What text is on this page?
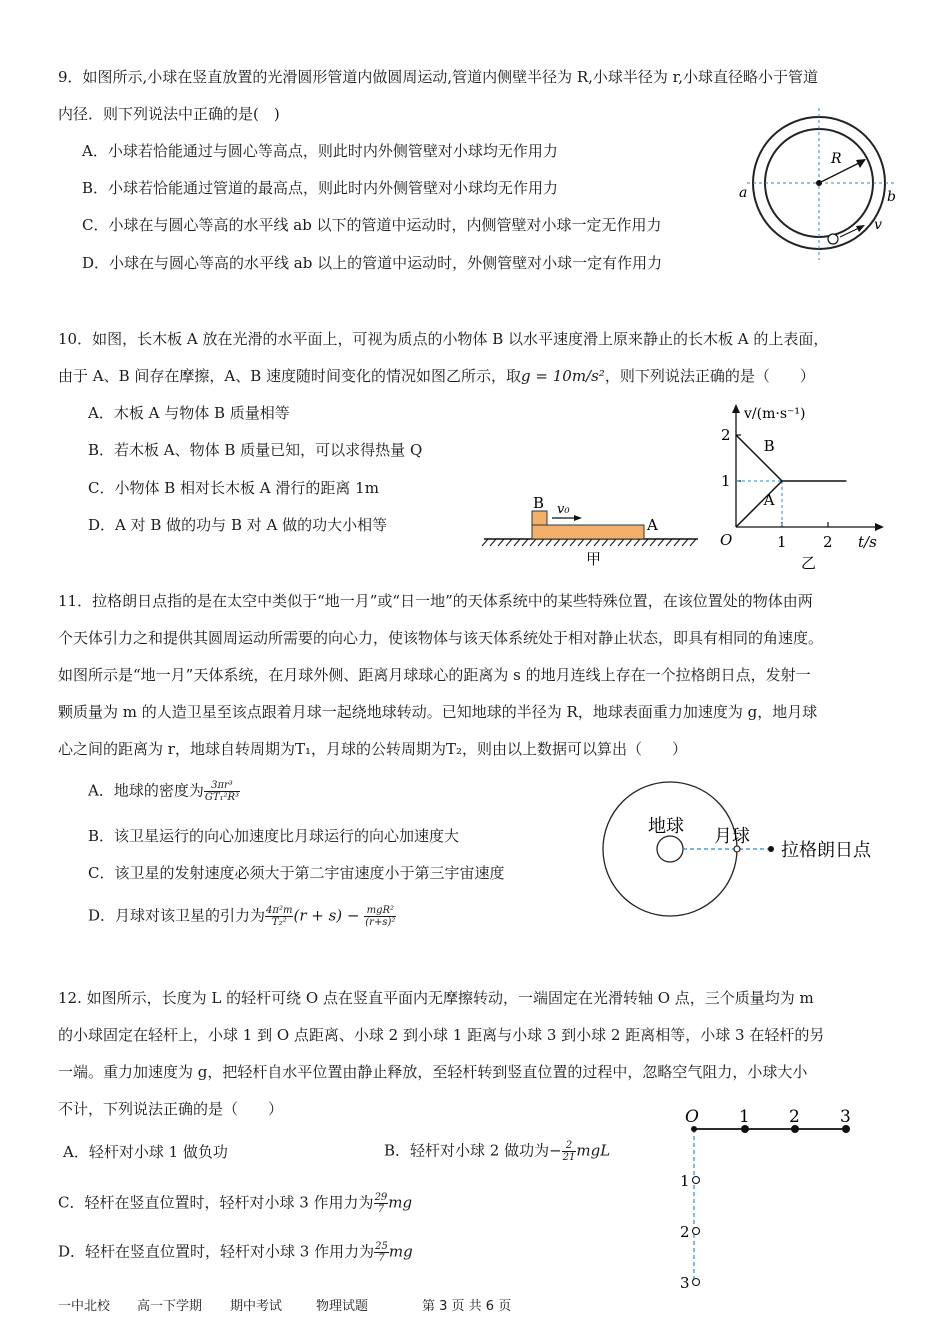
9．如图所示,小球在竖直放置的光滑圆形管道内做圆周运动,管道内侧壁半径为 R,小球半径为 r,小球直径略小于管道
内径．则下列说法中正确的是(　)
A．小球若恰能通过与圆心等高点，则此时内外侧管壁对小球均无作用力
B．小球若恰能通过管道的最高点，则此时内外侧管壁对小球均无作用力
C．小球在与圆心等高的水平线 ab 以下的管道中运动时，内侧管壁对小球一定无作用力
D．小球在与圆心等高的水平线 ab 以上的管道中运动时，外侧管壁对小球一定有作用力
R
a	b
v
10．如图，长木板 A 放在光滑的水平面上，可视为质点的小物体 B 以水平速度滑上原来静止的长木板 A 的上表面，
由于 A、B 间存在摩擦，A、B 速度随时间变化的情况如图乙所示，取g = 10m/s²，则下列说法正确的是（　　）
A．木板 A 与物体 B 质量相等
B．若木板 A、物体 B 质量已知，可以求得热量 Q
C．小物体 B 相对长木板 A 滑行的距离 1m
D．A 对 B 做的功与 B 对 A 做的功大小相等
B v₀
A
甲
v/(m·s⁻¹)
t/s
O
1
2
1 2
B
A
乙
11．拉格朗日点指的是在太空中类似于“地一月”或“日一地”的天体系统中的某些特殊位置，在该位置处的物体由两
个天体引力之和提供其圆周运动所需要的向心力，使该物体与该天体系统处于相对静止状态，即具有相同的角速度。
如图所示是“地一月”天体系统，在月球外侧、距离月球球心的距离为 s 的地月连线上存在一个拉格朗日点，发射一
颗质量为 m 的人造卫星至该点跟着月球一起绕地球转动。已知地球的半径为 R，地球表面重力加速度为 g，地月球
心之间的距离为 r，地球自转周期为T₁，月球的公转周期为T₂，则由以上数据可以算出（　　）
A．地球的密度为 $\frac{\text{3πr³}}{\text{GT₁²R³}}$
B．该卫星运行的向心加速度比月球运行的向心加速度大
C．该卫星的发射速度必须大于第二宇宙速度小于第三宇宙速度
D．月球对该卫星的引力为 $\frac{\text{4π²m}}{\text{T₂²}} (r + s) - \frac{\text{mgR²}}{\text{(r+s)²}}$
地球 月球
拉格朗日点
12. 如图所示，长度为 L 的轻杆可绕 O 点在竖直平面内无摩擦转动，一端固定在光滑转轴 O 点，三个质量均为 m
的小球固定在轻杆上，小球 1 到 O 点距离、小球 2 到小球 1 距离与小球 3 到小球 2 距离相等，小球 3 在轻杆的另
一端。重力加速度为 g，把轻杆自水平位置由静止释放，至轻杆转到竖直位置的过程中，忽略空气阻力，小球大小
不计，下列说法正确的是（　　）
A．轻杆对小球 1 做负功	B．轻杆对小球 2 做功为− $\frac{2}{21}$ mgL
C．轻杆在竖直位置时，轻杆对小球 3 作用力为 $\frac{29}{7}$ mg
D．轻杆在竖直位置时，轻杆对小球 3 作用力为 $\frac{25}{7}$ mg
O 1 2 3
1
2
3
一中北校 高一下学期 期中考试	物理试题	第 3 页 共 6 页
